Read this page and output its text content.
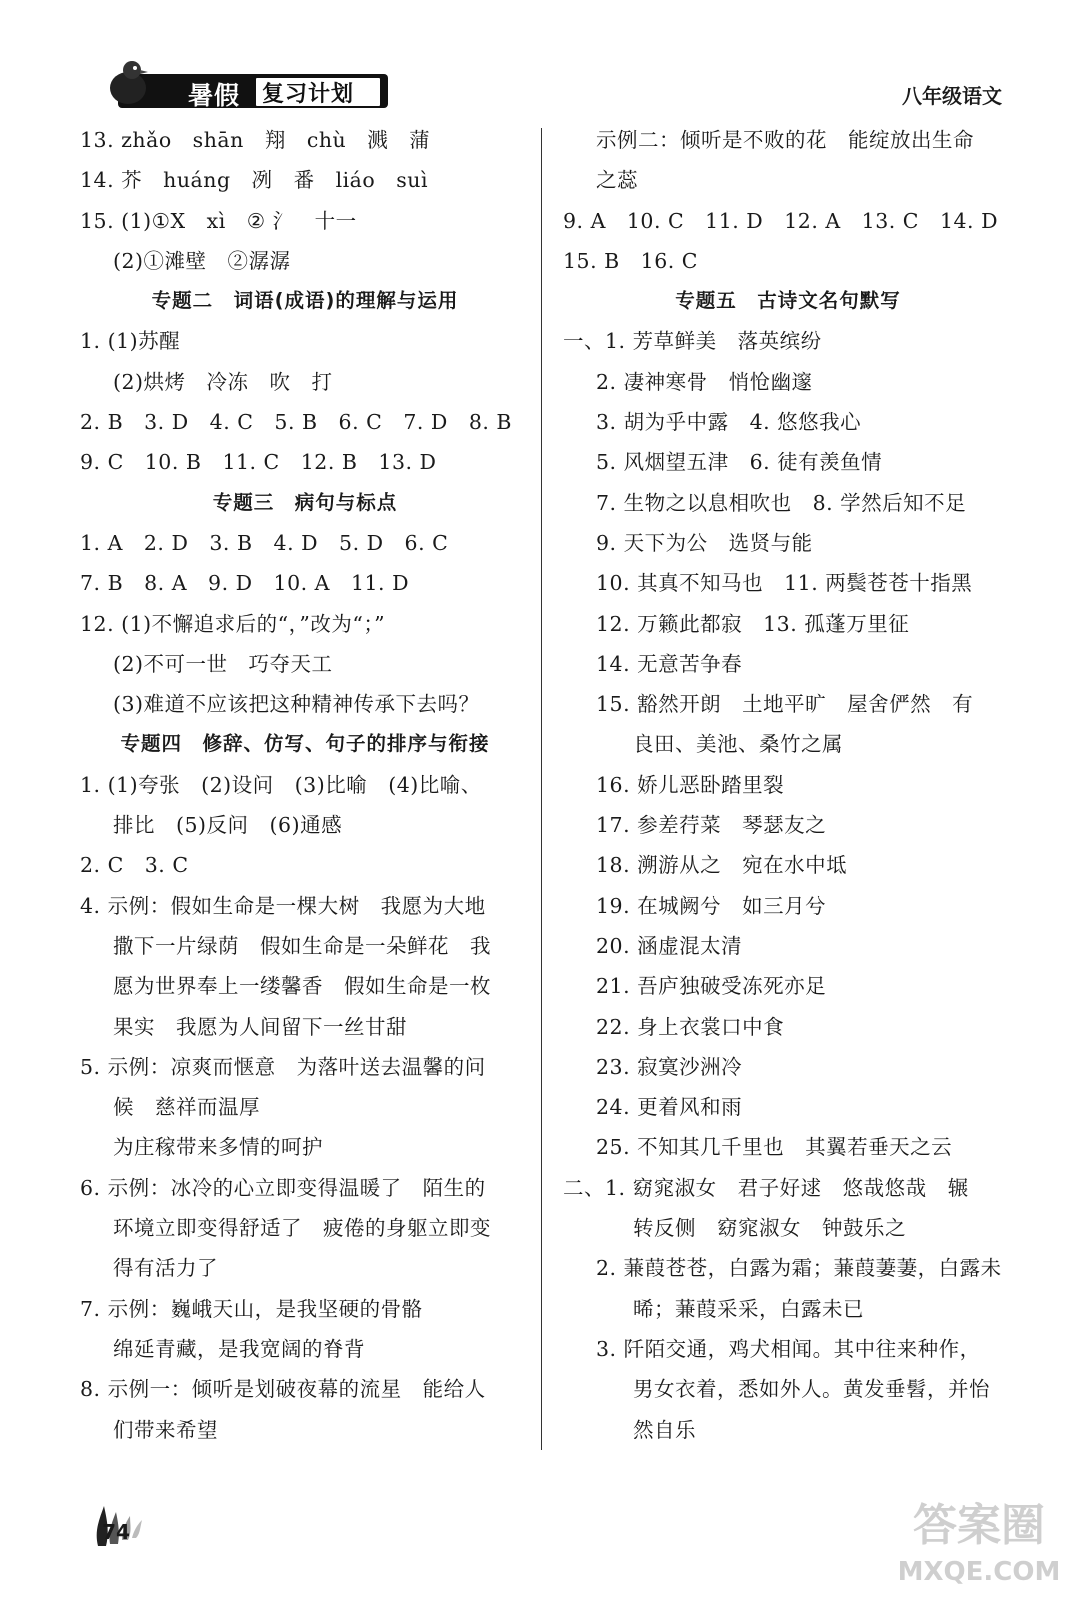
暑假 复习计划	八年级语文
13. zhǎo　shān　翔　chù　溅　蒲
14. 芥　huáng　冽　番　liáo　suì
15. (1)①X　xì　② 氵　十一
(2)①滩壁　②潺潺
专题二　词语(成语)的理解与运用
1. (1)苏醒
(2)烘烤　冷冻　吹　打
2. B　3. D　4. C　5. B　6. C　7. D　8. B
9. C　10. B　11. C　12. B　13. D
专题三　病句与标点
1. A　2. D　3. B　4. D　5. D　6. C
7. B　8. A　9. D　10. A　11. D
12. (1)不懈追求后的“，”改为“；”
(2)不可一世　巧夺天工
(3)难道不应该把这种精神传承下去吗？
专题四　修辞、仿写、句子的排序与衔接
1. (1)夸张　(2)设问　(3)比喻　(4)比喻、
排比　(5)反问　(6)通感
2. C　3. C
4. 示例：假如生命是一棵大树　我愿为大地
撒下一片绿荫　假如生命是一朵鲜花　我
愿为世界奉上一缕馨香　假如生命是一枚
果实　我愿为人间留下一丝甘甜
5. 示例：凉爽而惬意　为落叶送去温馨的问
候　慈祥而温厚
为庄稼带来多情的呵护
6. 示例：冰冷的心立即变得温暖了　陌生的
环境立即变得舒适了　疲倦的身躯立即变
得有活力了
7. 示例：巍峨天山，是我坚硬的骨骼
绵延青藏，是我宽阔的脊背
8. 示例一：倾听是划破夜幕的流星　能给人
们带来希望
示例二：倾听是不败的花　能绽放出生命
之蕊
9. A　10. C　11. D　12. A　13. C　14. D
15. B　16. C
专题五　古诗文名句默写
一、1. 芳草鲜美　落英缤纷
2. 凄神寒骨　悄怆幽邃
3. 胡为乎中露　4. 悠悠我心
5. 风烟望五津　6. 徒有羡鱼情
7. 生物之以息相吹也　8. 学然后知不足
9. 天下为公　选贤与能
10. 其真不知马也　11. 两鬓苍苍十指黑
12. 万籁此都寂　13. 孤蓬万里征
14. 无意苦争春
15. 豁然开朗　土地平旷　屋舍俨然　有
良田、美池、桑竹之属
16. 娇儿恶卧踏里裂
17. 参差荇菜　琴瑟友之
18. 溯游从之　宛在水中坻
19. 在城阙兮　如三月兮
20. 涵虚混太清
21. 吾庐独破受冻死亦足
22. 身上衣裳口中食
23. 寂寞沙洲冷
24. 更着风和雨
25. 不知其几千里也　其翼若垂天之云
二、1. 窈窕淑女　君子好逑　悠哉悠哉　辗
转反侧　窈窕淑女　钟鼓乐之
2. 蒹葭苍苍，白露为霜；蒹葭萋萋，白露未
晞；蒹葭采采，白露未已
3. 阡陌交通，鸡犬相闻。其中往来种作，
男女衣着，悉如外人。黄发垂髫，并怡
然自乐
74	答案圈
MXQE.COM
